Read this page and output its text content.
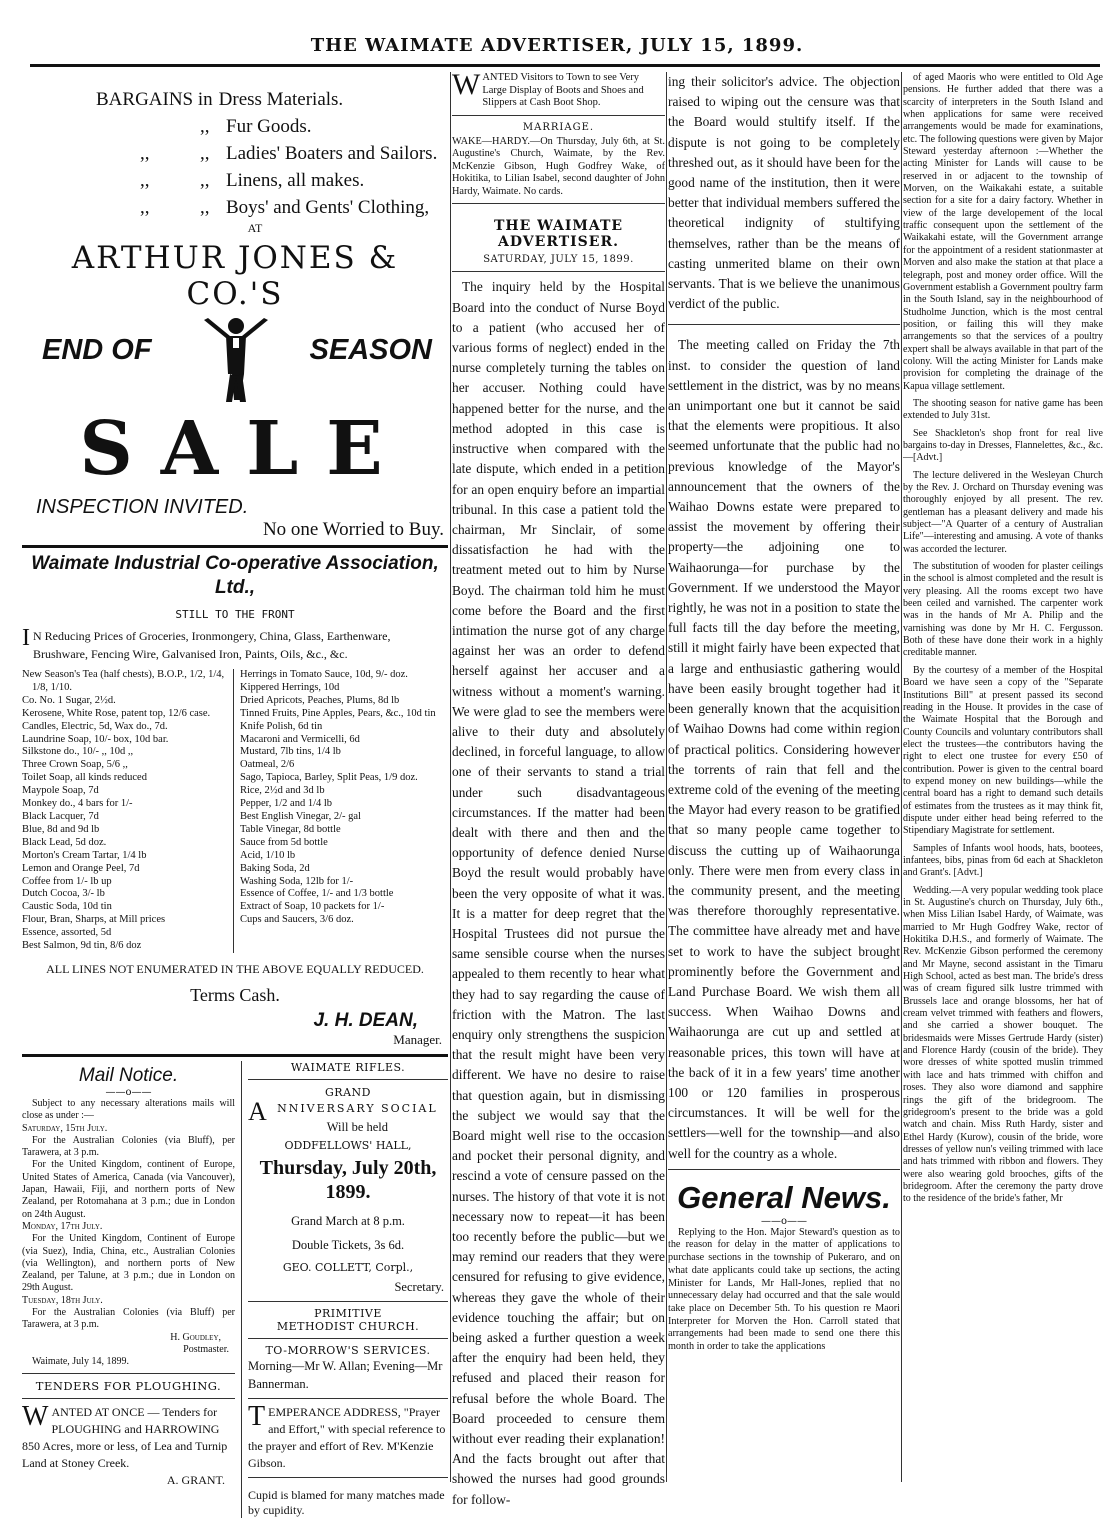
THE WAIMATE ADVERTISER, JULY 15, 1899.
BARGAINS in Dress Materials.
,, Fur Goods.
,,	,, Ladies' Boaters and Sailors.
,,	,, Linens, all makes.
,,	,, Boys' and Gents' Clothing,
AT
ARTHUR JONES & CO.'S
END OF	SEASON
SALE
INSPECTION INVITED.
No one Worried to Buy.
Waimate Industrial Co-operative Association, Ltd.,
STILL TO THE FRONT
I N Reducing Prices of Groceries, Ironmongery, China, Glass, Earthenware, Brushware, Fencing Wire, Galvanised Iron, Paints, Oils, &c., &c.
New Season's Tea (half chests), B.O.P., 1/2, 1/4, 1/8, 1/10.
Co. No. 1 Sugar, 2½d.
Kerosene, White Rose, patent top, 12/6 case.
Candles, Electric, 5d, Wax do., 7d.
Laundrine Soap, 10/- box, 10d bar.
Silkstone do., 10/- ,, 10d ,,
Three Crown Soap, 5/6 ,,
Toilet Soap, all kinds reduced
Maypole Soap, 7d
Monkey do., 4 bars for 1/-
Black Lacquer, 7d
Blue, 8d and 9d lb
Black Lead, 5d doz.
Morton's Cream Tartar, 1/4 lb
Lemon and Orange Peel, 7d
Coffee from 1/- lb up
Dutch Cocoa, 3/- lb
Caustic Soda, 10d tin
Flour, Bran, Sharps, at Mill prices
Essence, assorted, 5d
Best Salmon, 9d tin, 8/6 doz
Herrings in Tomato Sauce, 10d, 9/- doz.
Kippered Herrings, 10d
Dried Apricots, Peaches, Plums, 8d lb
Tinned Fruits, Pine Apples, Pears, &c., 10d tin
Knife Polish, 6d tin
Macaroni and Vermicelli, 6d
Mustard, 7lb tins, 1/4 lb
Oatmeal, 2/6
Sago, Tapioca, Barley, Split Peas, 1/9 doz.
Rice, 2½d and 3d lb
Pepper, 1/2 and 1/4 lb
Best English Vinegar, 2/- gal
Table Vinegar, 8d bottle
Sauce from 5d bottle
Acid, 1/10 lb
Baking Soda, 2d
Washing Soda, 12lb for 1/-
Essence of Coffee, 1/- and 1/3 bottle
Extract of Soap, 10 packets for 1/-
Cups and Saucers, 3/6 doz.
ALL LINES NOT ENUMERATED IN THE ABOVE EQUALLY REDUCED.
Terms Cash.
J. H. DEAN,
Manager.
Mail Notice.
——o——

Subject to any necessary alterations mails will close as under :—

Saturday, 15th July.

For the Australian Colonies (via Bluff), per Tarawera, at 3 p.m.

For the United Kingdom, continent of Europe, United States of America, Canada (via Vancouver), Japan, Hawaii, Fiji, and northern ports of New Zealand, per Rotomahana at 3 p.m.; due in London on 24th August.

Monday, 17th July.

For the United Kingdom, Continent of Europe (via Suez), India, China, etc., Australian Colonies (via Wellington), and northern ports of New Zealand, per Talune, at 3 p.m.; due in London on 29th August.

Tuesday, 18th July.

For the Australian Colonies (via Bluff) per Tarawera, at 3 p.m.

H. Goudley,

Postmaster.

Waimate, July 14, 1899.

TENDERS FOR PLOUGHING.
WANTED AT ONCE — Tenders for PLOUGHING and HARROWING 850 Acres, more or less, of Lea and Turnip Land at Stoney Creek.
A. GRANT.
WAIMATE RIFLES.
GRAND
A NNIVERSARY SOCIAL
Will be held
ODDFELLOWS' HALL,
Thursday, July 20th, 1899.
Grand March at 8 p.m.
Double Tickets, 3s 6d.
GEO. COLLETT, Corpl.,
Secretary.
PRIMITIVE
METHODIST CHURCH.
TO-MORROW'S SERVICES.
Morning—Mr W. Allan; Evening—Mr Bannerman.
TEMPERANCE ADDRESS, "Prayer and Effort," with special reference to the prayer and effort of Rev. M'Kenzie Gibson.
Cupid is blamed for many matches made by cupidity.
WANTED Visitors to Town to see Very Large Display of Boots and Shoes and Slippers at Cash Boot Shop.
MARRIAGE.
WAKE—HARDY.—On Thursday, July 6th, at St. Augustine's Church, Waimate, by the Rev. McKenzie Gibson, Hugh Godfrey Wake, of Hokitika, to Lilian Isabel, second daughter of John Hardy, Waimate. No cards.
THE WAIMATE ADVERTISER.
SATURDAY, JULY 15, 1899.
The inquiry held by the Hospital Board into the conduct of Nurse Boyd to a patient (who accused her of various forms of neglect) ended in the nurse completely turning the tables on her accuser. Nothing could have happened better for the nurse, and the method adopted in this case is instructive when compared with the late dispute, which ended in a petition for an open enquiry before an impartial tribunal. In this case a patient told the chairman, Mr Sinclair, of some dissatisfaction he had with the treatment meted out to him by Nurse Boyd. The chairman told him he must come before the Board and the first intimation the nurse got of any charge against her was an order to defend herself against her accuser and a witness without a moment's warning. We were glad to see the members were alive to their duty and absolutely declined, in forceful language, to allow one of their servants to stand a trial under such disadvantageous circumstances. If the matter had been dealt with there and then and the opportunity of defence denied Nurse Boyd the result would probably have been the very opposite of what it was. It is a matter for deep regret that the Hospital Trustees did not pursue the same sensible course when the nurses appealed to them recently to hear what they had to say regarding the cause of friction with the Matron. The last enquiry only strengthens the suspicion that the result might have been very different. We have no desire to raise that question again, but in dismissing the subject we would say that the Board might well rise to the occasion and pocket their personal dignity, and rescind a vote of censure passed on the nurses. The history of that vote it is not necessary now to repeat—it has been too recently before the public—but we may remind our readers that they were censured for refusing to give evidence, whereas they gave the whole of their evidence touching the affair; but on being asked a further question a week after the enquiry had been held, they refused and placed their reason for refusal before the whole Board. The Board proceeded to censure them without ever reading their explanation! And the facts brought out after that showed the nurses had good grounds for follow-
ing their solicitor's advice. The objection raised to wiping out the censure was that the Board would stultify itself. If the dispute is not going to be completely threshed out, as it should have been for the good name of the institution, then it were better that individual members suffered the theoretical indignity of stultifying themselves, rather than be the means of casting unmerited blame on their own servants. That is we believe the unanimous verdict of the public.
The meeting called on Friday the 7th inst. to consider the question of land settlement in the district, was by no means an unimportant one but it cannot be said that the elements were propitious. It also seemed unfortunate that the public had no previous knowledge of the Mayor's announcement that the owners of the Waihao Downs estate were prepared to assist the movement by offering their property—the adjoining one to Waihaorunga—for purchase by the Government. If we understood the Mayor rightly, he was not in a position to state the full facts till the day before the meeting, still it might fairly have been expected that a large and enthusiastic gathering would have been easily brought together had it been generally known that the acquisition of Waihao Downs had come within region of practical politics. Considering however the torrents of rain that fell and the extreme cold of the evening of the meeting the Mayor had every reason to be gratified that so many people came together to discuss the cutting up of Waihaorunga only. There were men from every class in the community present, and the meeting was therefore thoroughly representative. The committee have already met and have set to work to have the subject brought prominently before the Government and Land Purchase Board. We wish them all success. When Waihao Downs and Waihaorunga are cut up and settled at reasonable prices, this town will have at the back of it in a few years' time another 100 or 120 families in prosperous circumstances. It will be well for the settlers—well for the township—and also well for the country as a whole.
General News.
——o——
Replying to the Hon. Major Steward's question as to the reason for delay in the matter of applications to purchase sections in the township of Pukeraro, and on what date applicants could take up sections, the acting Minister for Lands, Mr Hall-Jones, replied that no unnecessary delay had occurred and that the sale would take place on December 5th. To his question re Maori Interpreter for Morven the Hon. Carroll stated that arrangements had been made to send one there this month in order to take the applications
of aged Maoris who were entitled to Old Age pensions. He further added that there was a scarcity of interpreters in the South Island and when applications for same were received arrangements would be made for examinations, etc. The following questions were given by Major Steward yesterday afternoon :—Whether the acting Minister for Lands will cause to be reserved in or adjacent to the township of Morven, on the Waikakahi estate, a suitable section for a site for a dairy factory. Whether in view of the large developement of the local traffic consequent upon the settlement of the Waikakahi estate, will the Government arrange for the appointment of a resident stationmaster at Morven and also make the station at that place a telegraph, post and money order office. Will the Government establish a Government poultry farm in the South Island, say in the neighbourhood of Studholme Junction, which is the most central position, or failing this will they make arrangements so that the services of a poultry expert shall be always available in that part of the colony. Will the acting Minister for Lands make provision for completing the drainage of the Kapua village settlement.
The shooting season for native game has been extended to July 31st.
See Shackleton's shop front for real live bargains to-day in Dresses, Flannelettes, &c., &c.—[Advt.]
The lecture delivered in the Wesleyan Church by the Rev. J. Orchard on Thursday evening was thoroughly enjoyed by all present. The rev. gentleman has a pleasant delivery and made his subject—"A Quarter of a century of Australian Life"—interesting and amusing. A vote of thanks was accorded the lecturer.
The substitution of wooden for plaster ceilings in the school is almost completed and the result is very pleasing. All the rooms except two have been ceiled and varnished. The carpenter work was in the hands of Mr A. Philip and the varnishing was done by Mr H. C. Fergusson. Both of these have done their work in a highly creditable manner.
By the courtesy of a member of the Hospital Board we have seen a copy of the "Separate Institutions Bill" at present passed its second reading in the House. It provides in the case of the Waimate Hospital that the Borough and County Councils and voluntary contributors shall elect the trustees—the contributors having the right to elect one trustee for every £50 of contribution. Power is given to the central board to expend money on new buildings—while the central board has a right to demand such details of estimates from the trustees as it may think fit, dispute under either head being referred to the Stipendiary Magistrate for settlement.
Samples of Infants wool hoods, hats, bootees, infantees, bibs, pinas from 6d each at Shackleton and Grant's. [Advt.]
Wedding.—A very popular wedding took place in St. Augustine's church on Thursday, July 6th., when Miss Lilian Isabel Hardy, of Waimate, was married to Mr Hugh Godfrey Wake, rector of Hokitika D.H.S., and formerly of Waimate. The Rev. McKenzie Gibson performed the ceremony and Mr Mayne, second assistant in the Timaru High School, acted as best man. The bride's dress was of cream figured silk lustre trimmed with Brussels lace and orange blossoms, her hat of cream velvet trimmed with feathers and flowers, and she carried a shower bouquet. The bridesmaids were Misses Gertrude Hardy (sister) and Florence Hardy (cousin of the bride). They wore dresses of white spotted muslin trimmed with lace and hats trimmed with chiffon and roses. They also wore diamond and sapphire rings the gift of the bridegroom. The gridegroom's present to the bride was a gold watch and chain. Miss Ruth Hardy, sister and Ethel Hardy (Kurow), cousin of the bride, wore dresses of yellow nun's veiling trimmed with lace and hats trimmed with ribbon and flowers. They were also wearing gold brooches, gifts of the bridegroom. After the ceremony the party drove to the residence of the bride's father, Mr
